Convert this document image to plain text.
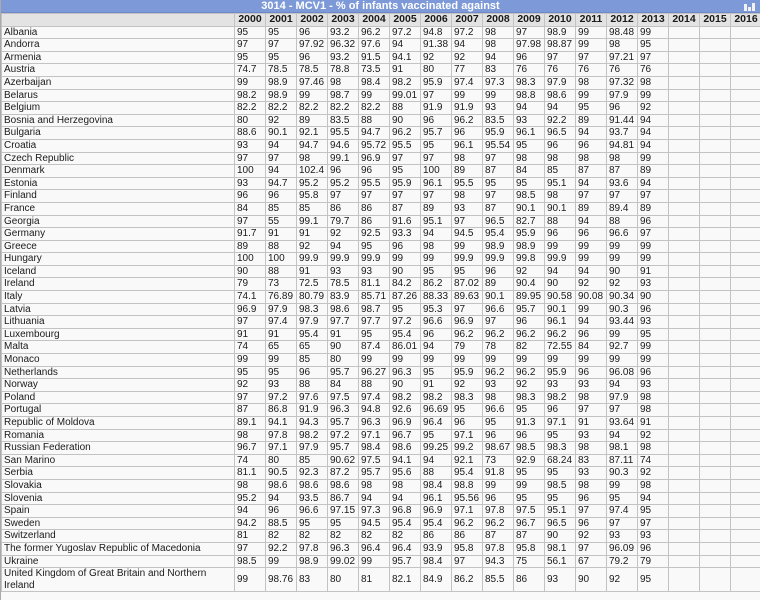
3014 - MCV1 - % of infants vaccinated against
	2000	2001	2002	2003	2004	2005	2006	2007	2008	2009	2010	2011	2012	2013	2014	2015	2016
Albania	95	95	96	93.2	96.2	97.2	94.8	97.2	98	97	98.9	99	98.48	99			
Andorra	97	97	97.92	96.32	97.6	94	91.38	94	98	97.98	98.87	99	98	95			
Armenia	95	95	96	93.2	91.5	94.1	92	92	94	96	97	97	97.21	97			
Austria	74.7	78.5	78.5	78.8	73.5	91	80	77	83	76	76	76	76	76			
Azerbaijan	99	98.9	97.46	98	98.4	98.2	95.9	97.4	97.3	98.3	97.9	98	97.32	98			
Belarus	98.2	98.9	99	98.7	99	99.01	97	99	99	98.8	98.6	99	97.9	99			
Belgium	82.2	82.2	82.2	82.2	82.2	88	91.9	91.9	93	94	94	95	96	92			
Bosnia and Herzegovina	80	92	89	83.5	88	90	96	96.2	83.5	93	92.2	89	91.44	94			
Bulgaria	88.6	90.1	92.1	95.5	94.7	96.2	95.7	96	95.9	96.1	96.5	94	93.7	94			
Croatia	93	94	94.7	94.6	95.72	95.5	95	96.1	95.54	95	96	96	94.81	94			
Czech Republic	97	97	98	99.1	96.9	97	97	98	97	98	98	98	98	99			
Denmark	100	94	102.4	96	96	95	100	89	87	84	85	87	87	89			
Estonia	93	94.7	95.2	95.2	95.5	95.9	96.1	95.5	95	95	95.1	94	93.6	94			
Finland	96	96	95.8	97	97	97	97	98	97	98.5	98	97	97	97			
France	84	85	85	86	86	87	89	93	87	90.1	90.1	89	89.4	89			
Georgia	97	55	99.1	79.7	86	91.6	95.1	97	96.5	82.7	88	94	88	96			
Germany	91.7	91	91	92	92.5	93.3	94	94.5	95.4	95.9	96	96	96.6	97			
Greece	89	88	92	94	95	96	98	99	98.9	98.9	99	99	99	99			
Hungary	100	100	99.9	99.9	99.9	99	99	99.9	99.9	99.8	99.9	99	99	99			
Iceland	90	88	91	93	93	90	95	95	96	92	94	94	90	91			
Ireland	79	73	72.5	78.5	81.1	84.2	86.2	87.02	89	90.4	90	92	92	93			
Italy	74.1	76.89	80.79	83.9	85.71	87.26	88.33	89.63	90.1	89.95	90.58	90.08	90.34	90			
Latvia	96.9	97.9	98.3	98.6	98.7	95	95.3	97	96.6	95.7	90.1	99	90.3	96			
Lithuania	97	97.4	97.9	97.7	97.7	97.2	96.6	96.9	97	96	96.1	94	93.44	93			
Luxembourg	91	91	95.4	91	95	95.4	96	96.2	96.2	96.2	96.2	96	99	95			
Malta	74	65	65	90	87.4	86.01	94	79	78	82	72.55	84	92.7	99			
Monaco	99	99	85	80	99	99	99	99	99	99	99	99	99	99			
Netherlands	95	95	96	95.7	96.27	96.3	95	95.9	96.2	96.2	95.9	96	96.08	96			
Norway	92	93	88	84	88	90	91	92	93	92	93	93	94	93			
Poland	97	97.2	97.6	97.5	97.4	98.2	98.2	98.3	98	98.3	98.2	98	97.9	98			
Portugal	87	86.8	91.9	96.3	94.8	92.6	96.69	95	96.6	95	96	97	97	98			
Republic of Moldova	89.1	94.1	94.3	95.7	96.3	96.9	96.4	96	95	91.3	97.1	91	93.64	91			
Romania	98	97.8	98.2	97.2	97.1	96.7	95	97.1	96	96	95	93	94	92			
Russian Federation	96.7	97.1	97.9	95.7	98.4	98.6	99.25	99.2	98.67	98.5	98.3	98	98.1	98			
San Marino	74	80	85	90.62	97.5	94.1	94	92.1	73	92.9	68.24	83	87.11	74			
Serbia	81.1	90.5	92.3	87.2	95.7	95.6	88	95.4	91.8	95	95	93	90.3	92			
Slovakia	98	98.6	98.6	98.6	98	98	98.4	98.8	99	99	98.5	98	99	98			
Slovenia	95.2	94	93.5	86.7	94	94	96.1	95.56	96	95	95	96	95	94			
Spain	94	96	96.6	97.15	97.3	96.8	96.9	97.1	97.8	97.5	95.1	97	97.4	95			
Sweden	94.2	88.5	95	95	94.5	95.4	95.4	96.2	96.2	96.7	96.5	96	97	97			
Switzerland	81	82	82	82	82	82	86	86	87	87	90	92	93	93			
The former Yugoslav Republic of Macedonia	97	92.2	97.8	96.3	96.4	96.4	93.9	95.8	97.8	95.8	98.1	97	96.09	96			
Ukraine	98.5	99	98.9	99.02	99	95.7	98.4	97	94.3	75	56.1	67	79.2	79			
United Kingdom of Great Britain and Northern Ireland	99	98.76	83	80	81	82.1	84.9	86.2	85.5	86	93	90	92	95			
